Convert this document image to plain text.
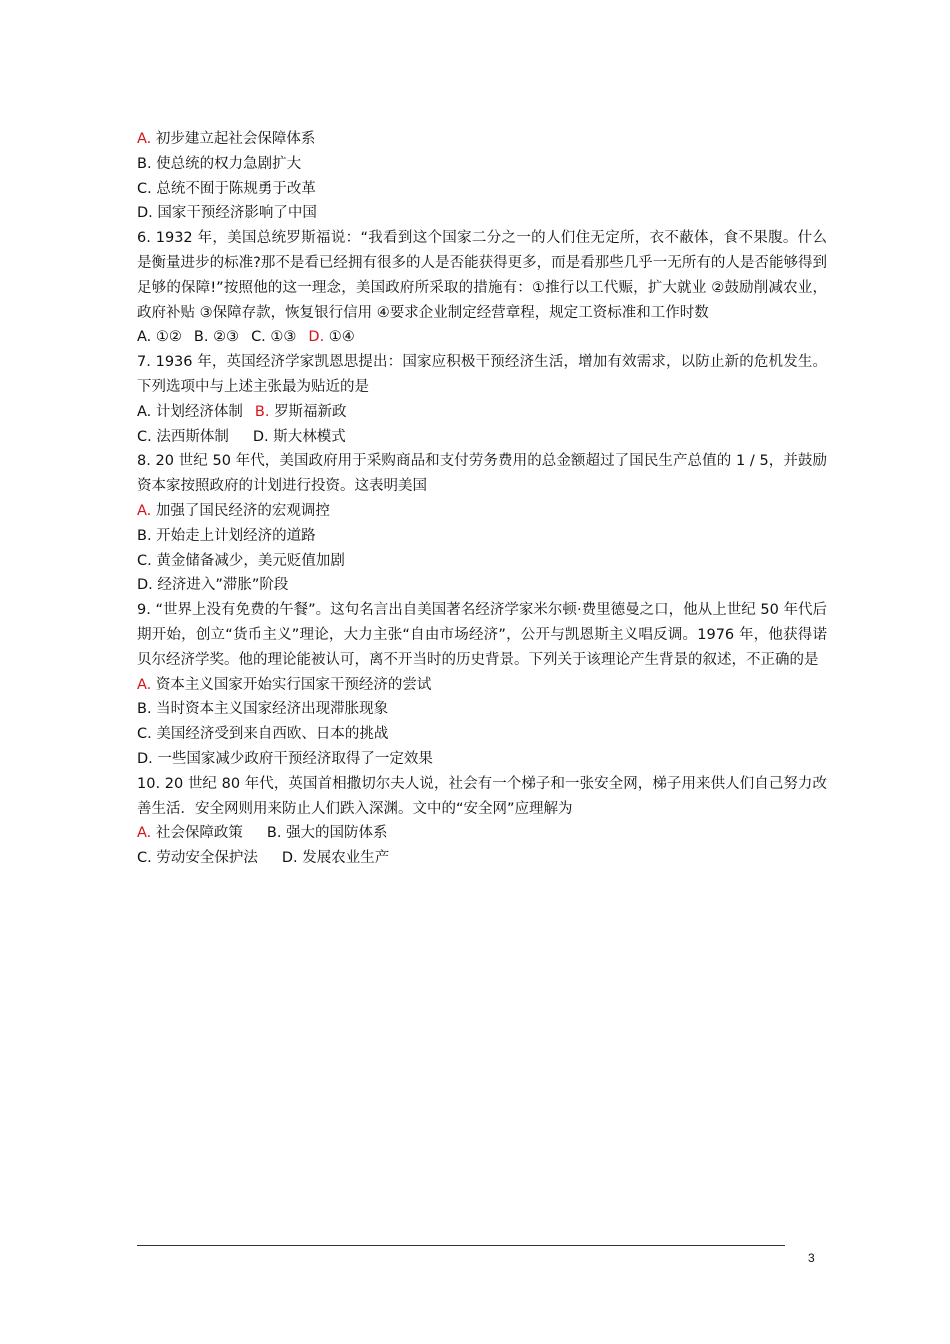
A. 初步建立起社会保障体系
B. 使总统的权力急剧扩大
C. 总统不囿于陈规勇于改革
D. 国家干预经济影响了中国
6. 1932 年，美国总统罗斯福说：“我看到这个国家二分之一的人们住无定所，衣不蔽体，食不果腹。什么是衡量进步的标准?那不是看已经拥有很多的人是否能获得更多，而是看那些几乎一无所有的人是否能够得到足够的保障!”按照他的这一理念，美国政府所采取的措施有：①推行以工代赈，扩大就业 ②鼓励削减农业，政府补贴 ③保障存款，恢复银行信用 ④要求企业制定经营章程，规定工资标准和工作时数
A. ①② B. ②③ C. ①③ D. ①④
7. 1936 年，英国经济学家凯恩思提出：国家应积极干预经济生活，增加有效需求，以防止新的危机发生。下列选项中与上述主张最为贴近的是
A. 计划经济体制 B. 罗斯福新政
C. 法西斯体制 D. 斯大林模式
8. 20 世纪 50 年代，美国政府用于采购商品和支付劳务费用的总金额超过了国民生产总值的 1 / 5，并鼓励资本家按照政府的计划进行投资。这表明美国
A. 加强了国民经济的宏观调控
B. 开始走上计划经济的道路
C. 黄金储备减少，美元贬值加剧
D. 经济进入”滞胀”阶段
9. “世界上没有免费的午餐”。这句名言出自美国著名经济学家米尔顿·费里德曼之口，他从上世纪 50 年代后期开始，创立“货币主义”理论，大力主张“自由市场经济”，公开与凯恩斯主义唱反调。1976 年，他获得诺贝尔经济学奖。他的理论能被认可，离不开当时的历史背景。下列关于该理论产生背景的叙述，不正确的是
A. 资本主义国家开始实行国家干预经济的尝试
B. 当时资本主义国家经济出现滞胀现象
C. 美国经济受到来自西欧、日本的挑战
D. 一些国家减少政府干预经济取得了一定效果
10. 20 世纪 80 年代，英国首相撒切尔夫人说，社会有一个梯子和一张安全网，梯子用来供人们自己努力改善生活．安全网则用来防止人们跌入深渊。文中的“安全网”应理解为
A. 社会保障政策 B. 强大的国防体系
C. 劳动安全保护法 D. 发展农业生产
3
